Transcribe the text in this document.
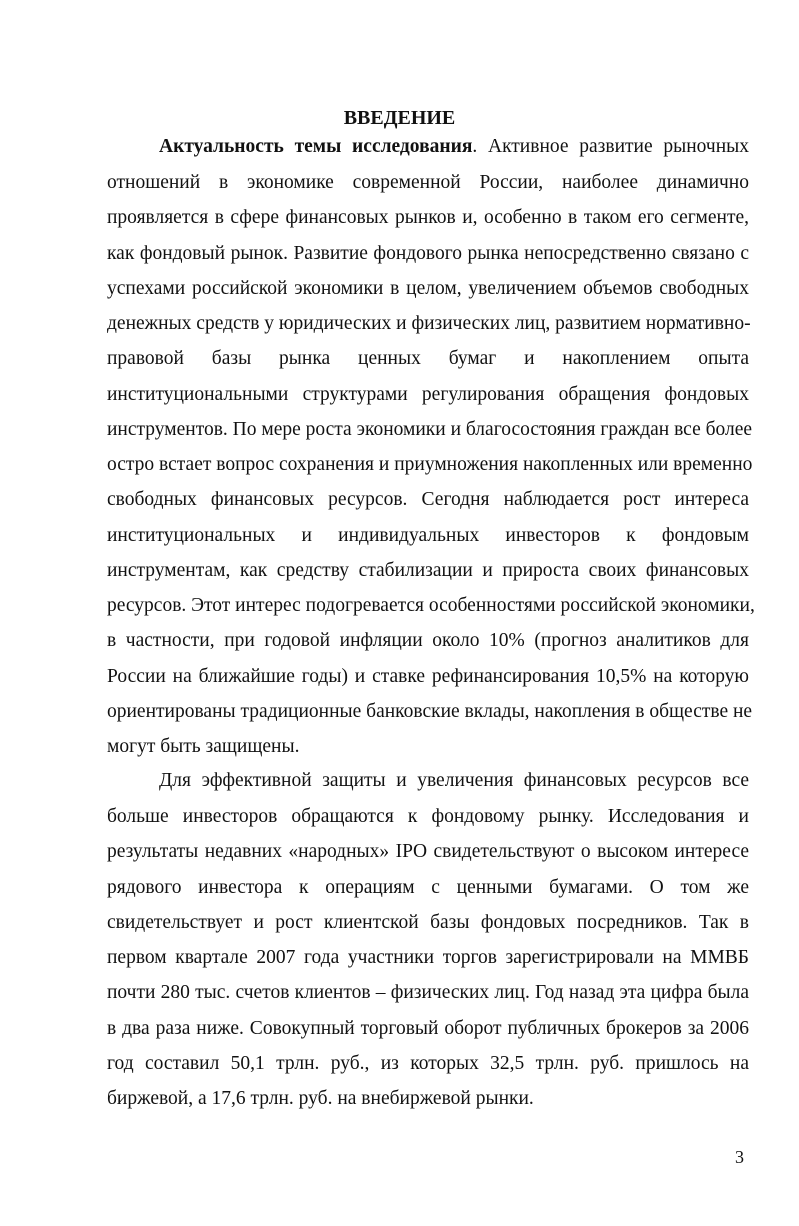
ВВЕДЕНИЕ
Актуальность темы исследования. Активное развитие рыночных
отношений в экономике современной России, наиболее динамично
проявляется в сфере финансовых рынков и, особенно в таком его сегменте,
как фондовый рынок. Развитие фондового рынка непосредственно связано с
успехами российской экономики в целом, увеличением объемов свободных
денежных средств у юридических и физических лиц, развитием нормативно-
правовой базы рынка ценных бумаг и накоплением опыта
институциональными структурами регулирования обращения фондовых
инструментов. По мере роста экономики и благосостояния граждан все более
остро встает вопрос сохранения и приумножения накопленных или временно
свободных финансовых ресурсов. Сегодня наблюдается рост интереса
институциональных и индивидуальных инвесторов к фондовым
инструментам, как средству стабилизации и прироста своих финансовых
ресурсов. Этот интерес подогревается особенностями российской экономики,
в частности, при годовой инфляции около 10% (прогноз аналитиков для
России на ближайшие годы) и ставке рефинансирования 10,5% на которую
ориентированы традиционные банковские вклады, накопления в обществе не
могут быть защищены.
Для эффективной защиты и увеличения финансовых ресурсов все
больше инвесторов обращаются к фондовому рынку. Исследования и
результаты недавних «народных» IPO свидетельствуют о высоком интересе
рядового инвестора к операциям с ценными бумагами. О том же
свидетельствует и рост клиентской базы фондовых посредников. Так в
первом квартале 2007 года участники торгов зарегистрировали на ММВБ
почти 280 тыс. счетов клиентов – физических лиц. Год назад эта цифра была
в два раза ниже. Совокупный торговый оборот публичных брокеров за 2006
год составил 50,1 трлн. руб., из которых 32,5 трлн. руб. пришлось на
биржевой, а 17,6 трлн. руб. на внебиржевой рынки.
3
